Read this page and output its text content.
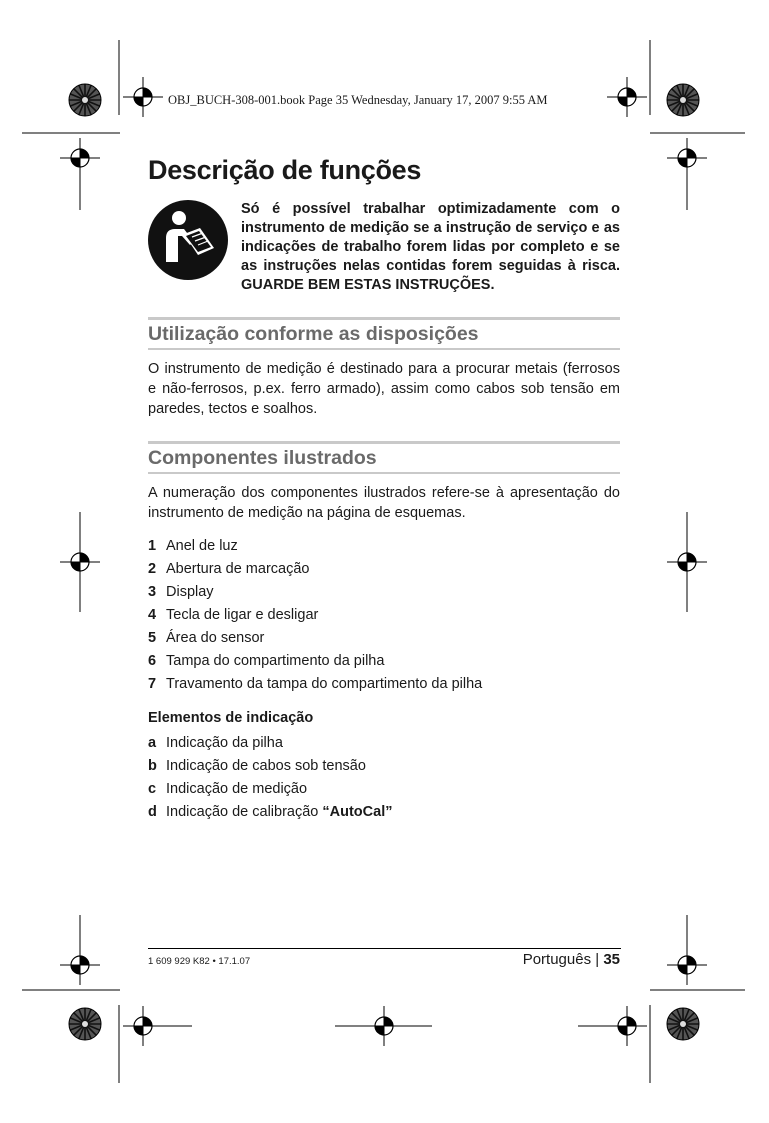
OBJ_BUCH-308-001.book Page 35 Wednesday, January 17, 2007 9:55 AM
Descrição de funções
Só é possível trabalhar optimizadamente com o instrumento de medição se a instrução de serviço e as indicações de trabalho forem lidas por completo e se as instruções nelas contidas forem seguidas à risca. GUARDE BEM ESTAS INSTRUÇÕES.
Utilização conforme as disposições

O instrumento de medição é destinado para a procurar metais (ferrosos e não-ferrosos, p.ex. ferro armado), assim como cabos sob tensão em paredes, tectos e soalhos.

Componentes ilustrados

A numeração dos componentes ilustrados refere-se à apresentação do instrumento de medição na página de esquemas.

1 Anel de luz
2 Abertura de marcação
3 Display
4 Tecla de ligar e desligar
5 Área do sensor
6 Tampa do compartimento da pilha
7 Travamento da tampa do compartimento da pilha
Elementos de indicação
a Indicação da pilha
b Indicação de cabos sob tensão
c Indicação de medição
d Indicação de calibração “AutoCal”
1 609 929 K82 • 17.1.07	Português | 35
